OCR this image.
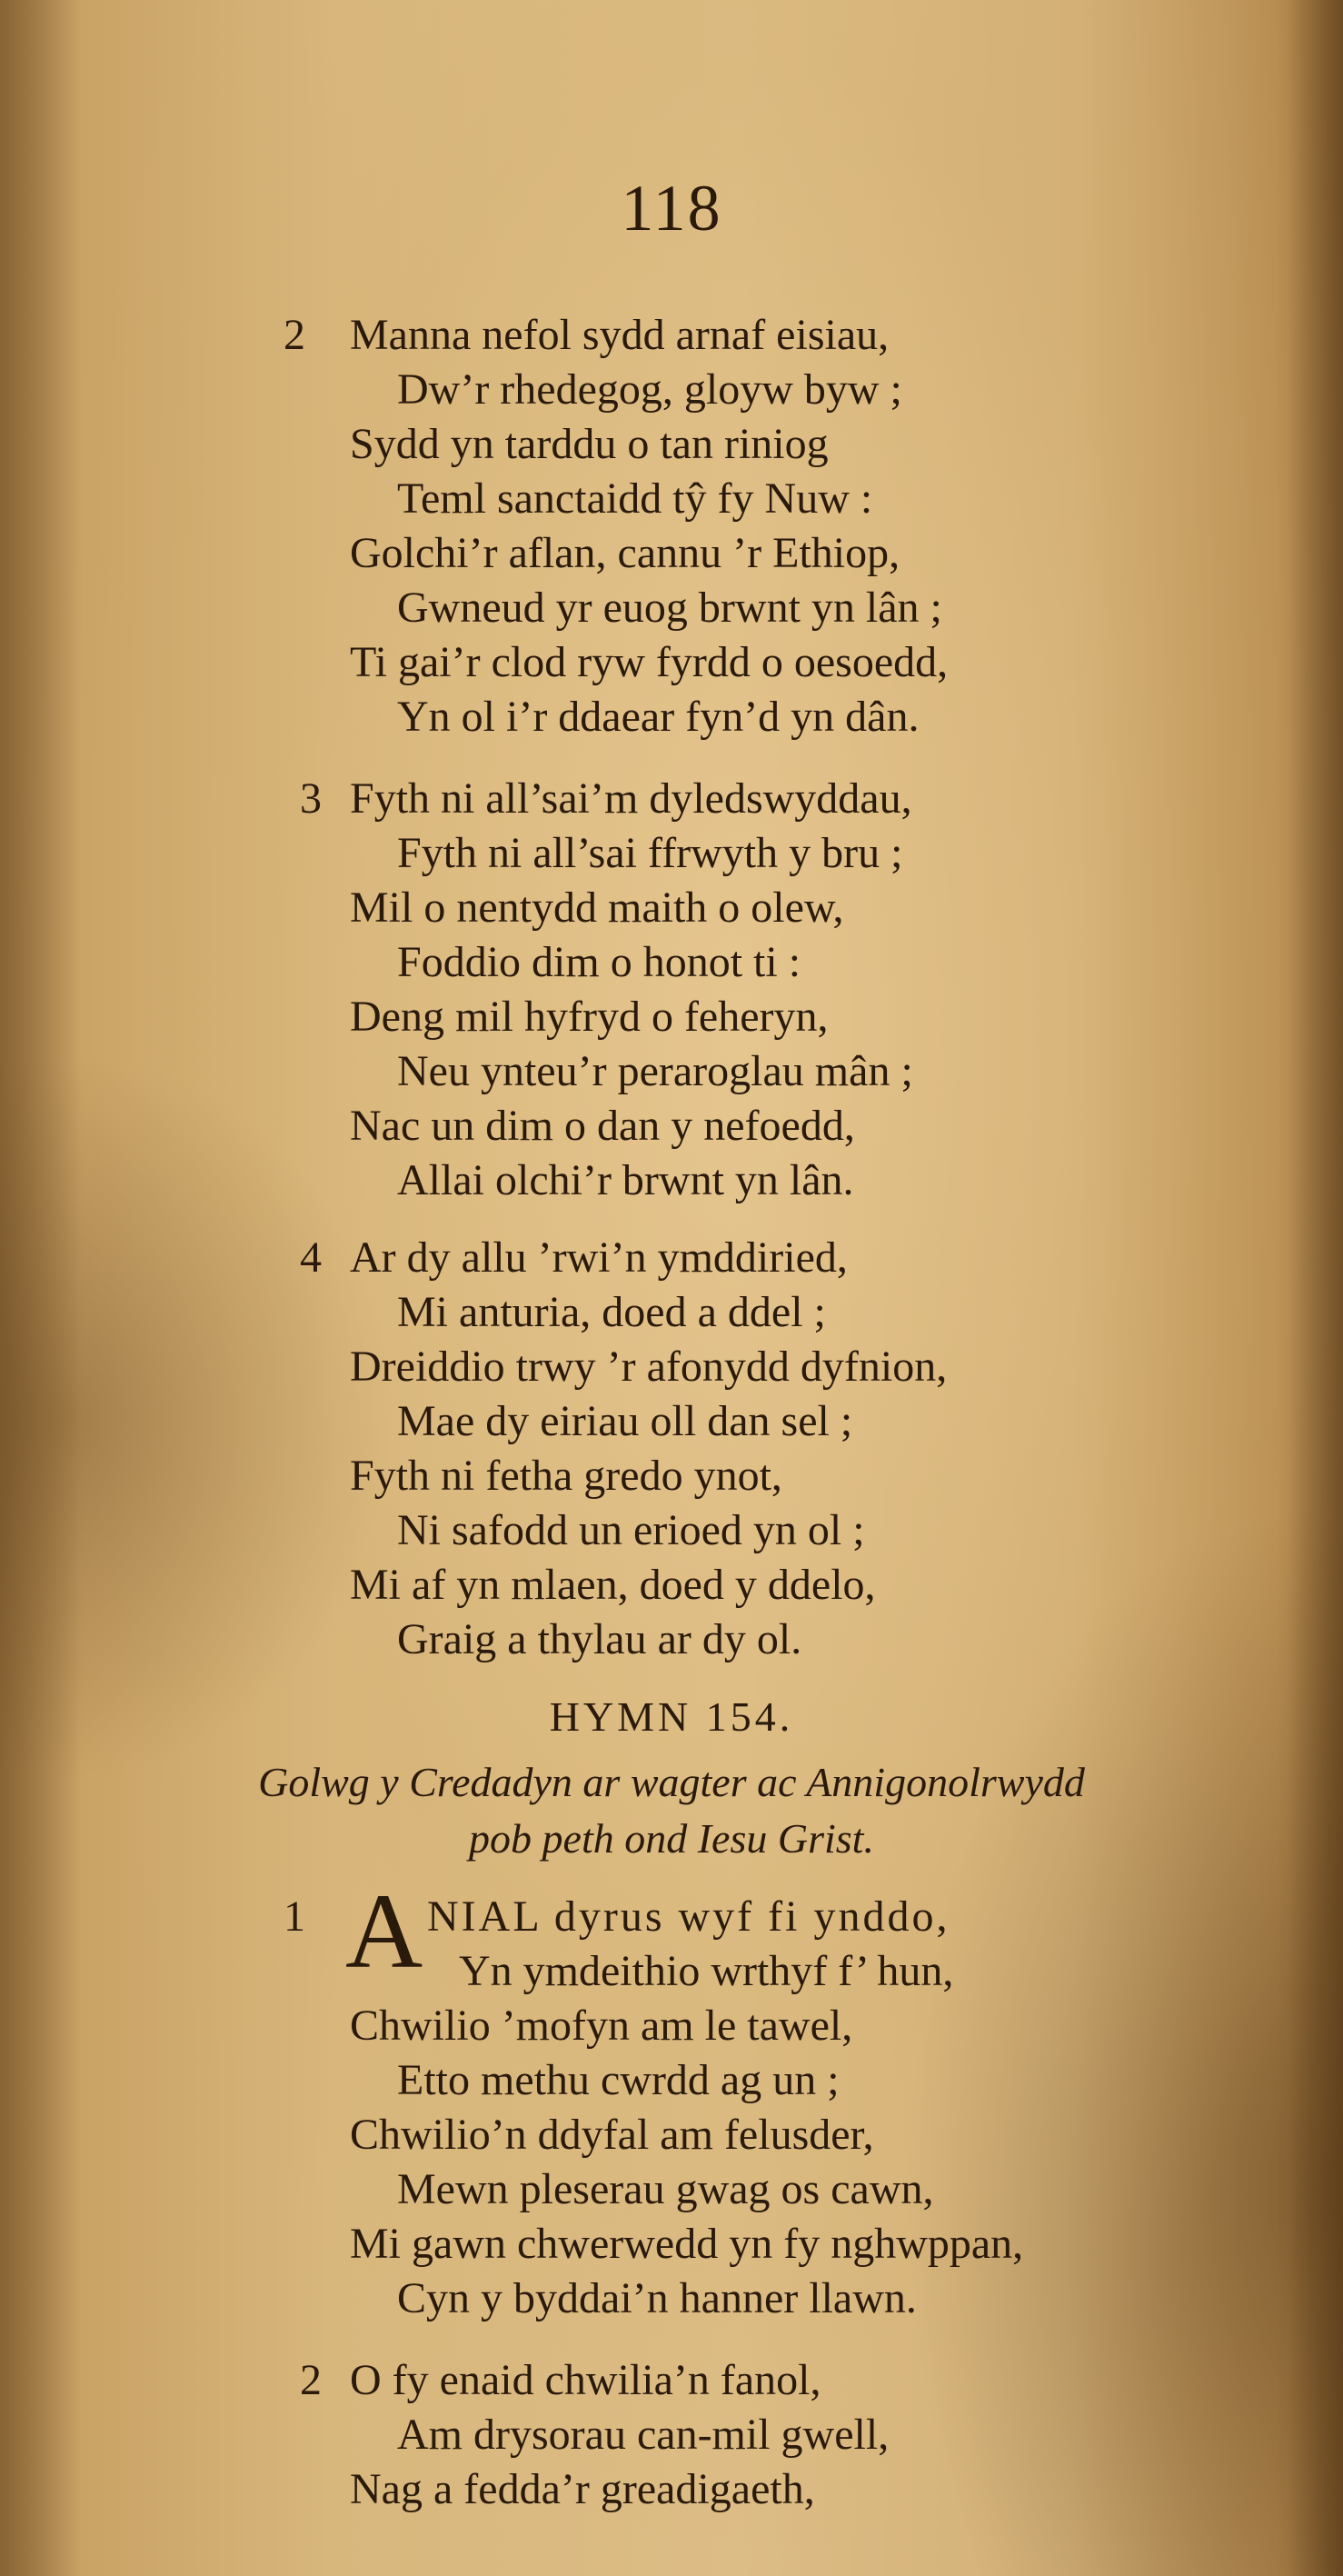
118
2 Manna nefol sydd arnaf eisiau,
Dw’r rhedegog, gloyw byw ;
Sydd yn tarddu o tan riniog
Teml sanctaidd tŷ fy Nuw :
Golchi’r aflan, cannu ’r Ethiop,
Gwneud yr euog brwnt yn lân ;
Ti gai’r clod ryw fyrdd o oesoedd,
Yn ol i’r ddaear fyn’d yn dân.
3 Fyth ni all’sai’m dyledswyddau,
Fyth ni all’sai ffrwyth y bru ;
Mil o nentydd maith o olew,
Foddio dim o honot ti :
Deng mil hyfryd o feheryn,
Neu ynteu’r peraroglau mân ;
Nac un dim o dan y nefoedd,
Allai olchi’r brwnt yn lân.
4 Ar dy allu ’rwi’n ymddiried,
Mi anturia, doed a ddel ;
Dreiddio trwy ’r afonydd dyfnion,
Mae dy eiriau oll dan sel ;
Fyth ni fetha gredo ynot,
Ni safodd un erioed yn ol ;
Mi af yn mlaen, doed y ddelo,
Graig a thylau ar dy ol.
HYMN 154.
Golwg y Credadyn ar wagter ac Annigonolrwydd
pob peth ond Iesu Grist.
1 A NIAL dyrus wyf fi ynddo,
Yn ymdeithio wrthyf f’ hun,
Chwilio ’mofyn am le tawel,
Etto methu cwrdd ag un ;
Chwilio’n ddyfal am felusder,
Mewn pleserau gwag os cawn,
Mi gawn chwerwedd yn fy nghwppan,
Cyn y byddai’n hanner llawn.
2 O fy enaid chwilia’n fanol,
Am drysorau can-mil gwell,
Nag a fedda’r greadigaeth,
